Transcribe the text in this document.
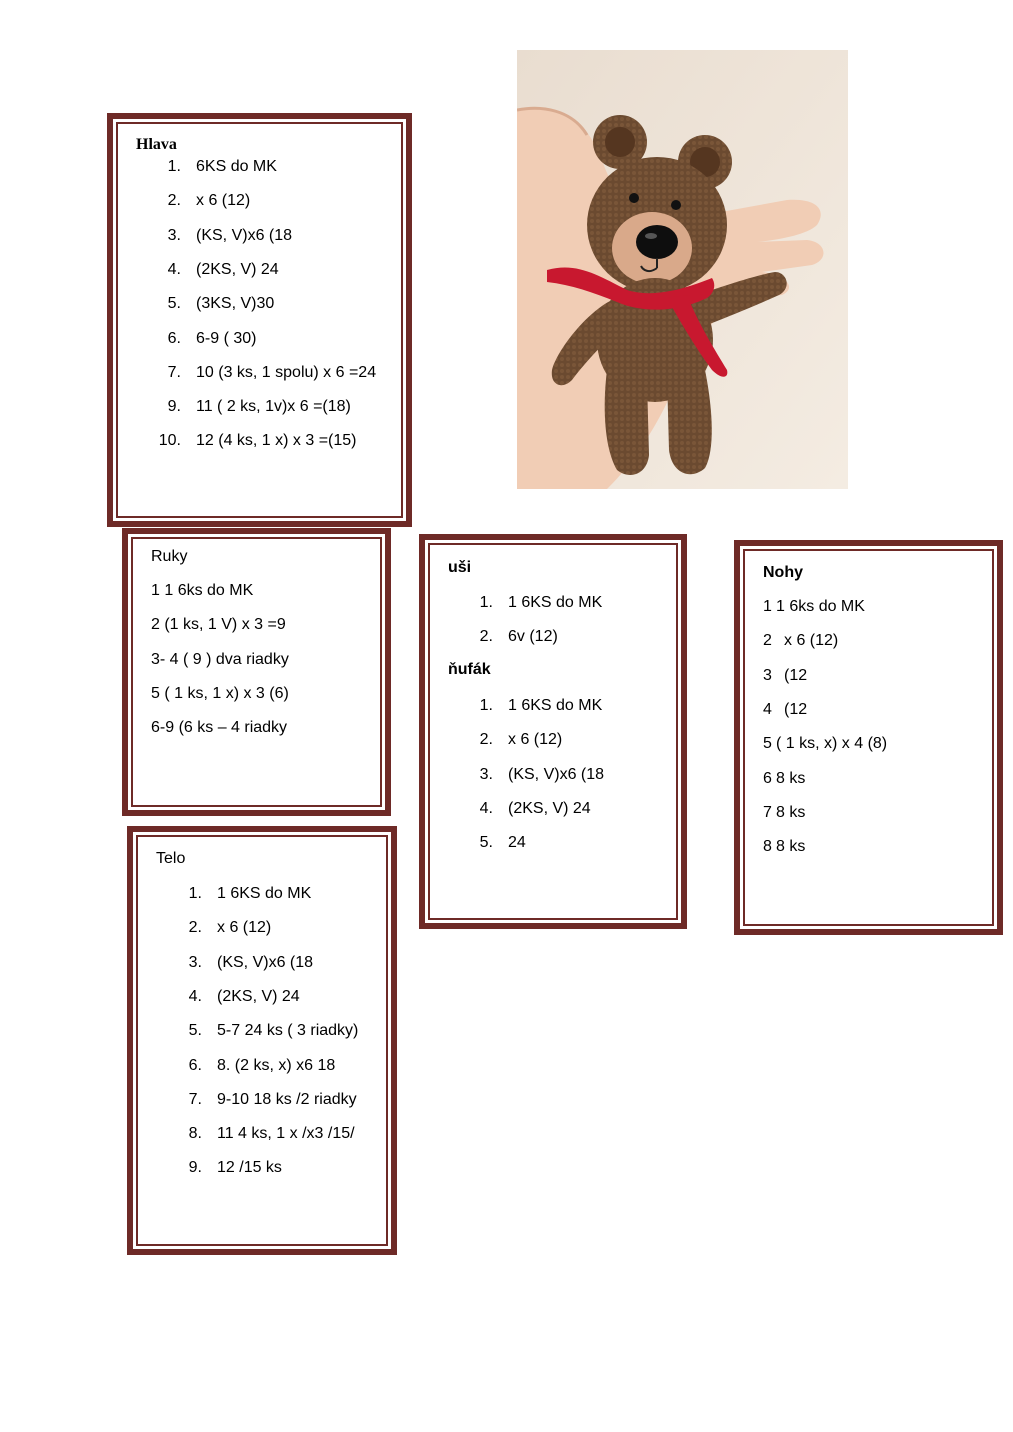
Hlava
1. 6KS do MK
2. x 6 (12)
3. (KS, V)x6 (18
4. (2KS, V) 24
5. (3KS, V)30
6. 6-9 ( 30)
7. 10 (3 ks, 1 spolu) x 6 =24
9. 11 ( 2 ks, 1v)x 6 =(18)
10. 12 (4 ks, 1 x) x 3 =(15)
Ruky
1 1 6ks do MK
2 (1 ks, 1 V) x 3 =9
3- 4 ( 9 ) dva riadky
5 ( 1 ks, 1 x) x 3 (6)
6-9 (6 ks – 4 riadky
Telo
1. 1 6KS do MK
2. x 6 (12)
3. (KS, V)x6 (18
4. (2KS, V) 24
5. 5-7 24 ks ( 3 riadky)
6. 8. (2 ks, x) x6 18
7. 9-10 18 ks /2 riadky
8. 11 4 ks, 1 x /x3 /15/
9. 12 /15 ks
uši
1. 1 6KS do MK
2. 6v (12)
ňufák
1. 1 6KS do MK
2. x 6 (12)
3. (KS, V)x6 (18
4. (2KS, V) 24
5. 24
Nohy
1 1 6ks do MK
2 x 6 (12)
3 (12
4 (12
5 ( 1 ks, x) x 4 (8)
6 8 ks
7 8 ks
8 8 ks
